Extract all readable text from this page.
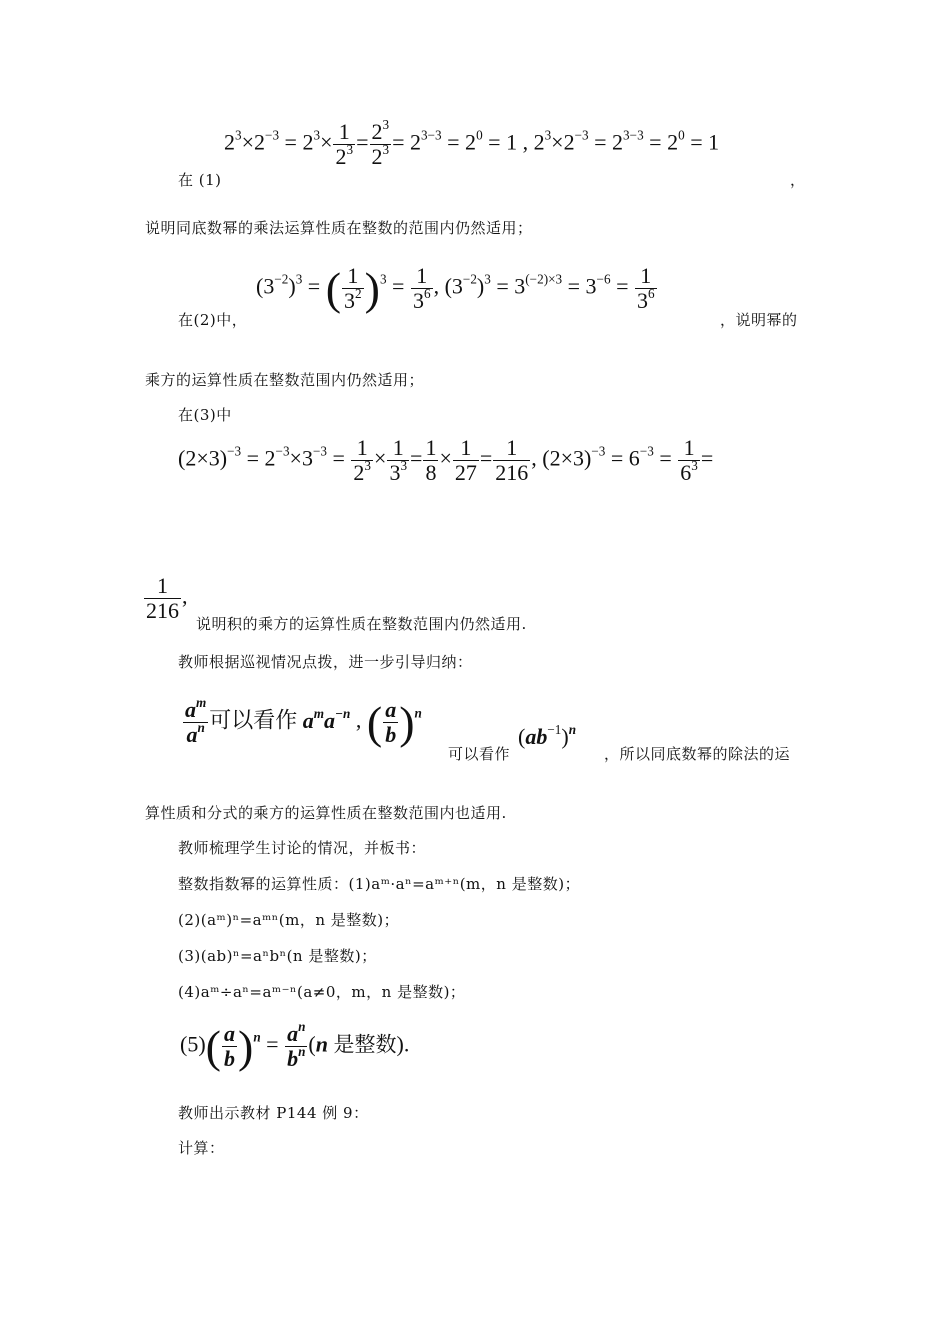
在 (1)
$2^3\times 2^{-3} = 2^3\times \frac{1}{2^3} = \frac{2^3}{2^3} = 2^{3-3} = 2^0 = 1$ , $2^3\times 2^{-3} = 2^{3-3} = 2^0 = 1$
，
说明同底数幂的乘法运算性质在整数的范围内仍然适用；
在(2)中，
$(3^{-2})^3$ = ( $\frac{1}{3^2} )^3 = \frac{1}{3^6}$ , $(3^{-2})^3 = 3^{(-2)\times 3} = 3^{-6} = \frac{1}{3^6}$
，说明幂的
乘方的运算性质在整数范围内仍然适用；
在(3)中
$(2\times 3)^{-3} = 2^{-3}\times 3^{-3} = \frac{1}{2^3} \times \frac{1}{3^3} = \frac{1}{8} \times \frac{1}{27} = \frac{1}{216}$ , $(2\times 3)^{-3} = 6^{-3} = \frac{1}{6^3}$ =
$\frac{1}{216}$ ,
说明积的乘方的运算性质在整数范围内仍然适用.
教师根据巡视情况点拨，进一步引导归纳：
$\frac{a^m}{a^n}$ 可以看作 $a^ma^{-n}$ , ( $\frac{a}{b} )^n$
可以看作
$(ab^{-1})^n$
，所以同底数幂的除法的运
算性质和分式的乘方的运算性质在整数范围内也适用.
教师梳理学生讨论的情况，并板书：
整数指数幂的运算性质：(1)aᵐ·aⁿ=aᵐ⁺ⁿ(m，n 是整数)；
(2)(aᵐ)ⁿ=aᵐⁿ(m，n 是整数)；
(3)(ab)ⁿ=aⁿbⁿ(n 是整数)；
(4)aᵐ÷aⁿ=aᵐ⁻ⁿ(a≠0，m，n 是整数)；
$(5)( \frac{a}{b} )^n = \frac{a^n}{b^n} (n$ 是整数).
教师出示教材 P144 例 9：
计算：
